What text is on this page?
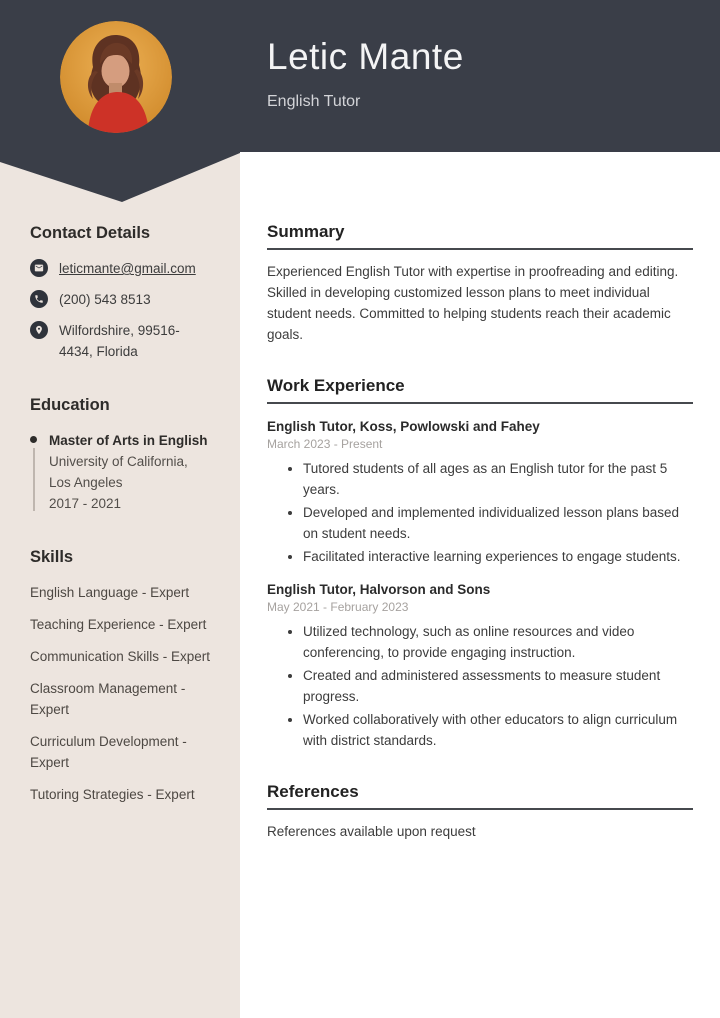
Letic Mante
English Tutor
Contact Details
leticmante@gmail.com
(200) 543 8513
Wilfordshire, 99516-4434, Florida
Education
Master of Arts in English
University of California, Los Angeles
2017 - 2021
Skills
English Language - Expert
Teaching Experience - Expert
Communication Skills - Expert
Classroom Management - Expert
Curriculum Development - Expert
Tutoring Strategies - Expert
Summary
Experienced English Tutor with expertise in proofreading and editing. Skilled in developing customized lesson plans to meet individual student needs. Committed to helping students reach their academic goals.
Work Experience
English Tutor, Koss, Powlowski and Fahey
March 2023 - Present
• Tutored students of all ages as an English tutor for the past 5 years.
• Developed and implemented individualized lesson plans based on student needs.
• Facilitated interactive learning experiences to engage students.
English Tutor, Halvorson and Sons
May 2021 - February 2023
• Utilized technology, such as online resources and video conferencing, to provide engaging instruction.
• Created and administered assessments to measure student progress.
• Worked collaboratively with other educators to align curriculum with district standards.
References
References available upon request
